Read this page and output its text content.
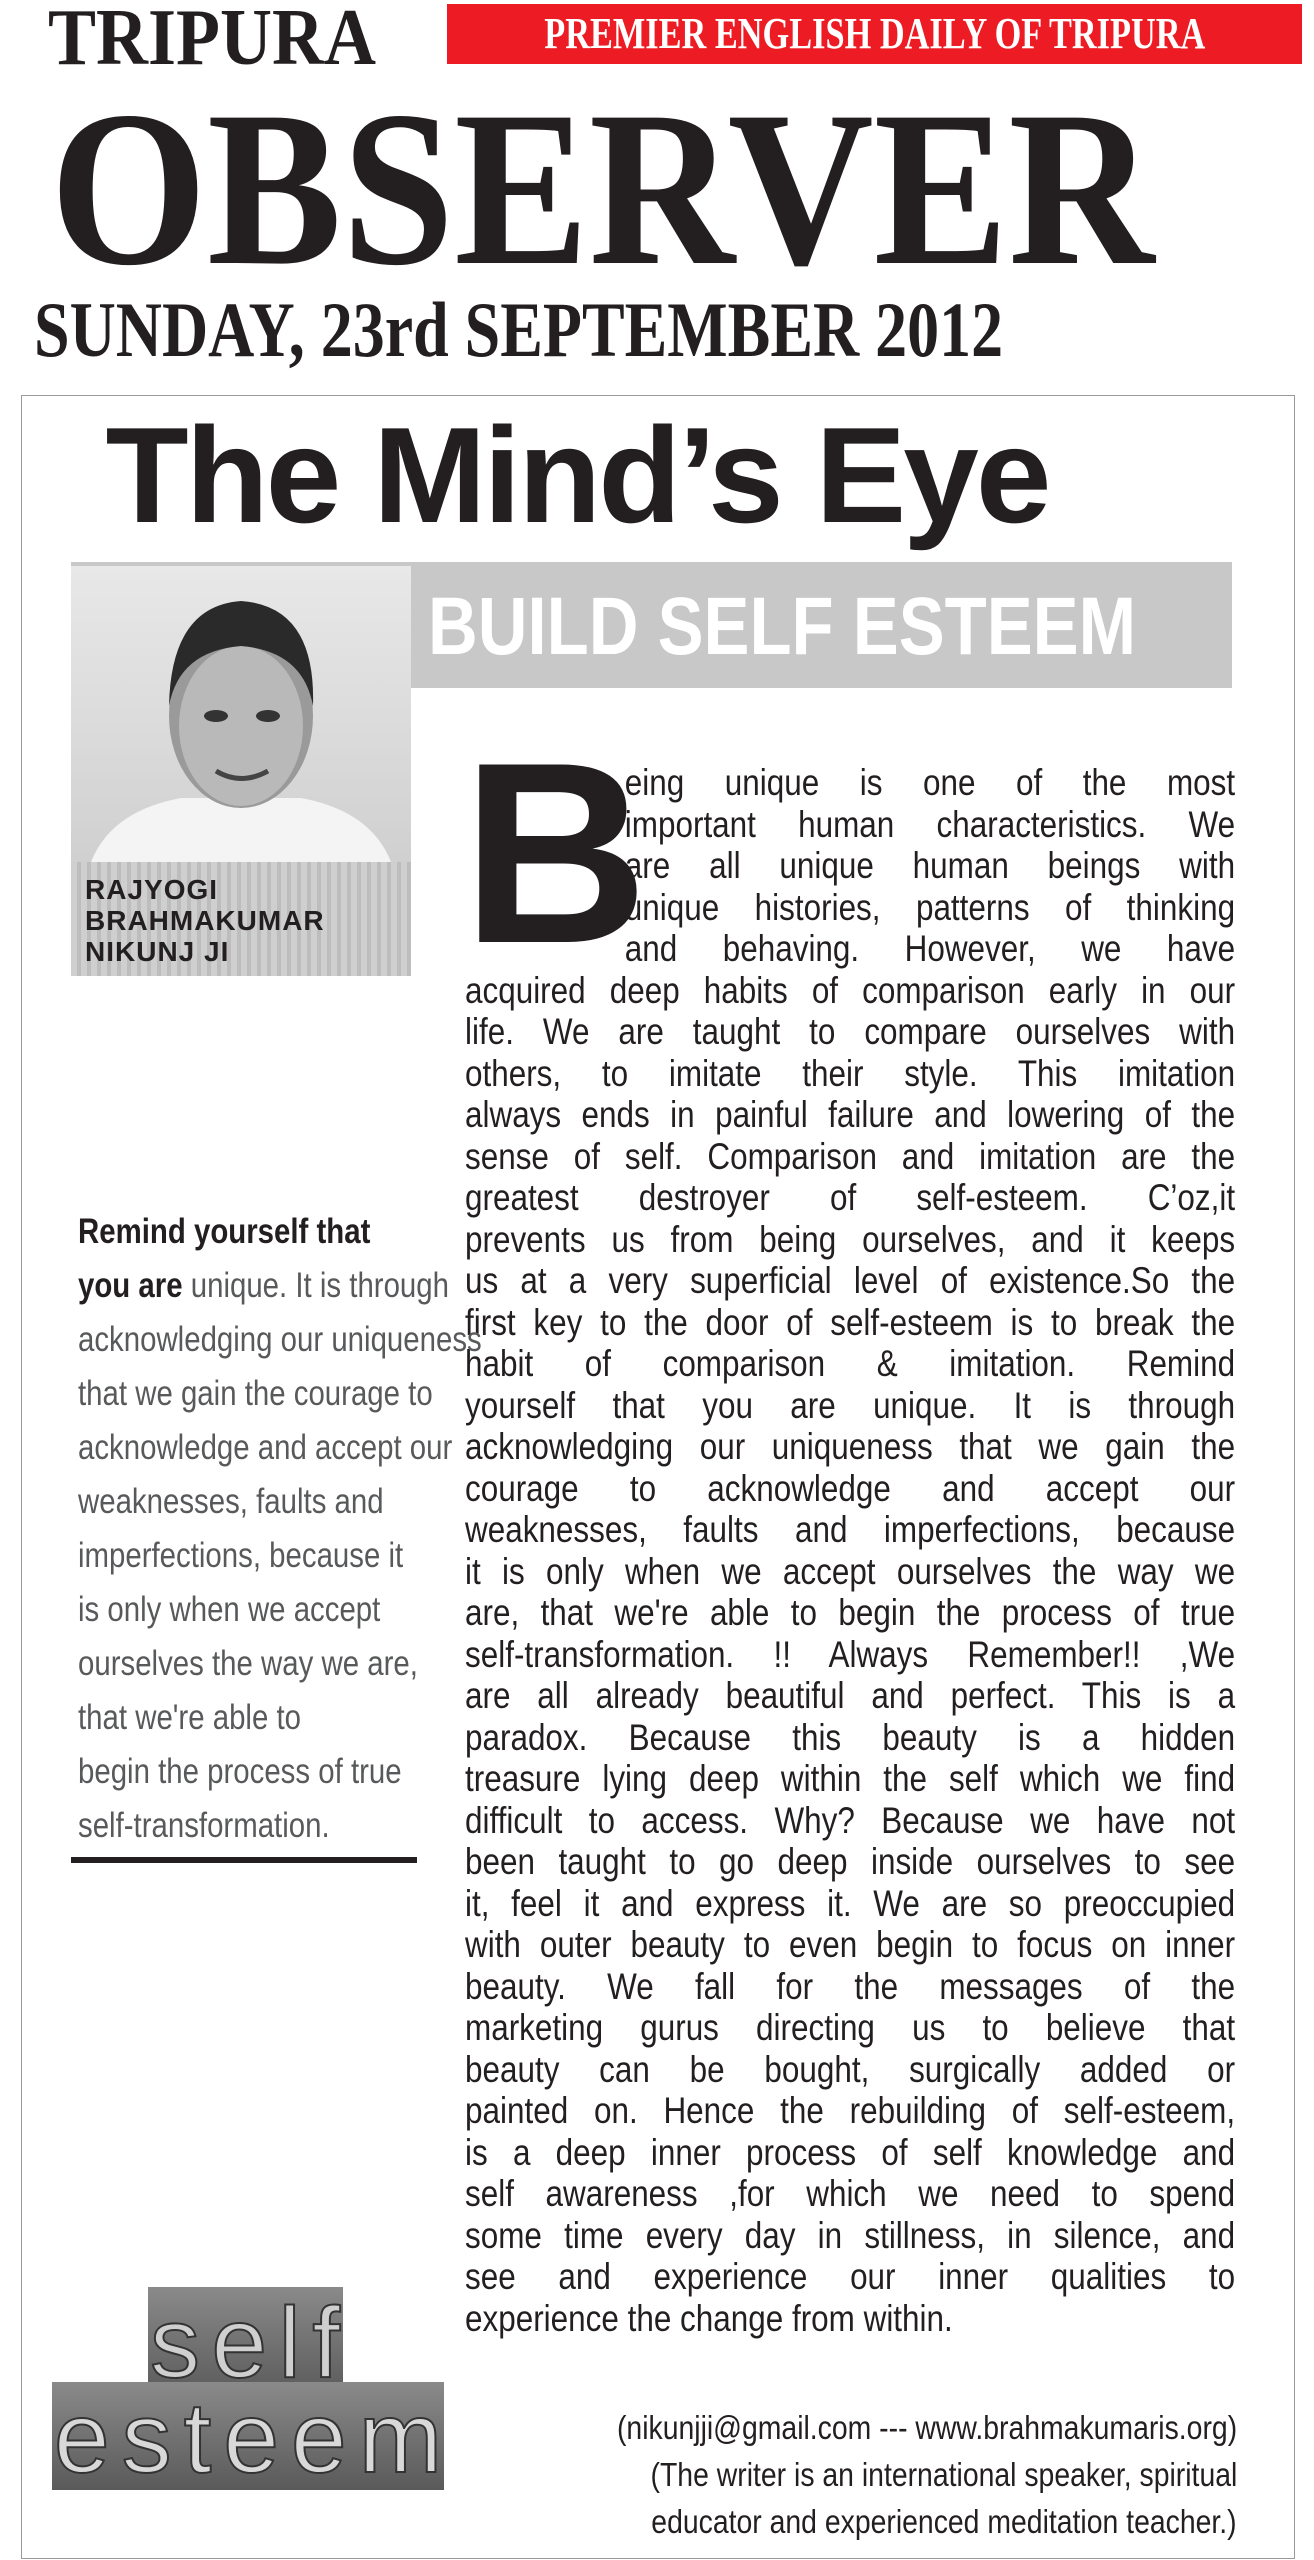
TRIPURA	PREMIER ENGLISH DAILY OF TRIPURA
OBSERVER
SUNDAY, 23rd SEPTEMBER 2012
The Mind’s Eye
BUILD SELF ESTEEM
RAJYOGI
BRAHMAKUMAR
NIKUNJ JI B
eing unique is one of the most
important human characteristics. We
are all unique human beings with
unique histories, patterns of thinking
and behaving. However, we have
acquired deep habits of comparison early in our
life. We are taught to compare ourselves with
others, to imitate their style. This imitation
always ends in painful failure and lowering of the
sense of self. Comparison and imitation are the
greatest destroyer of self-esteem. C’oz,it
prevents us from being ourselves, and it keeps
us at a very superficial level of existence.So the
first key to the door of self-esteem is to break the
habit of comparison & imitation. Remind
yourself that you are unique. It is through
acknowledging our uniqueness that we gain the
courage to acknowledge and accept our
weaknesses, faults and imperfections, because
it is only when we accept ourselves the way we
are, that we're able to begin the process of true
self-transformation. !! Always Remember!! ,We
are all already beautiful and perfect. This is a
paradox. Because this beauty is a hidden
treasure lying deep within the self which we find
difficult to access. Why? Because we have not
been taught to go deep inside ourselves to see
it, feel it and express it. We are so preoccupied
with outer beauty to even begin to focus on inner
beauty. We fall for the messages of the
marketing gurus directing us to believe that
beauty can be bought, surgically added or
painted on. Hence the rebuilding of self-esteem,
is a deep inner process of self knowledge and
self awareness ,for which we need to spend
some time every day in stillness, in silence, and
see and experience our inner qualities to
experience the change from within.
Remind yourself that
you are unique. It is through
acknowledging our uniqueness
that we gain the courage to
acknowledge and accept our
weaknesses, faults and
imperfections, because it
is only when we accept
ourselves the way we are,
that we're able to
begin the process of true
self-transformation.
self
esteem	(nikunjji@gmail.com --- www.brahmakumaris.org)
(The writer is an international speaker, spiritual
educator and experienced meditation teacher.)
